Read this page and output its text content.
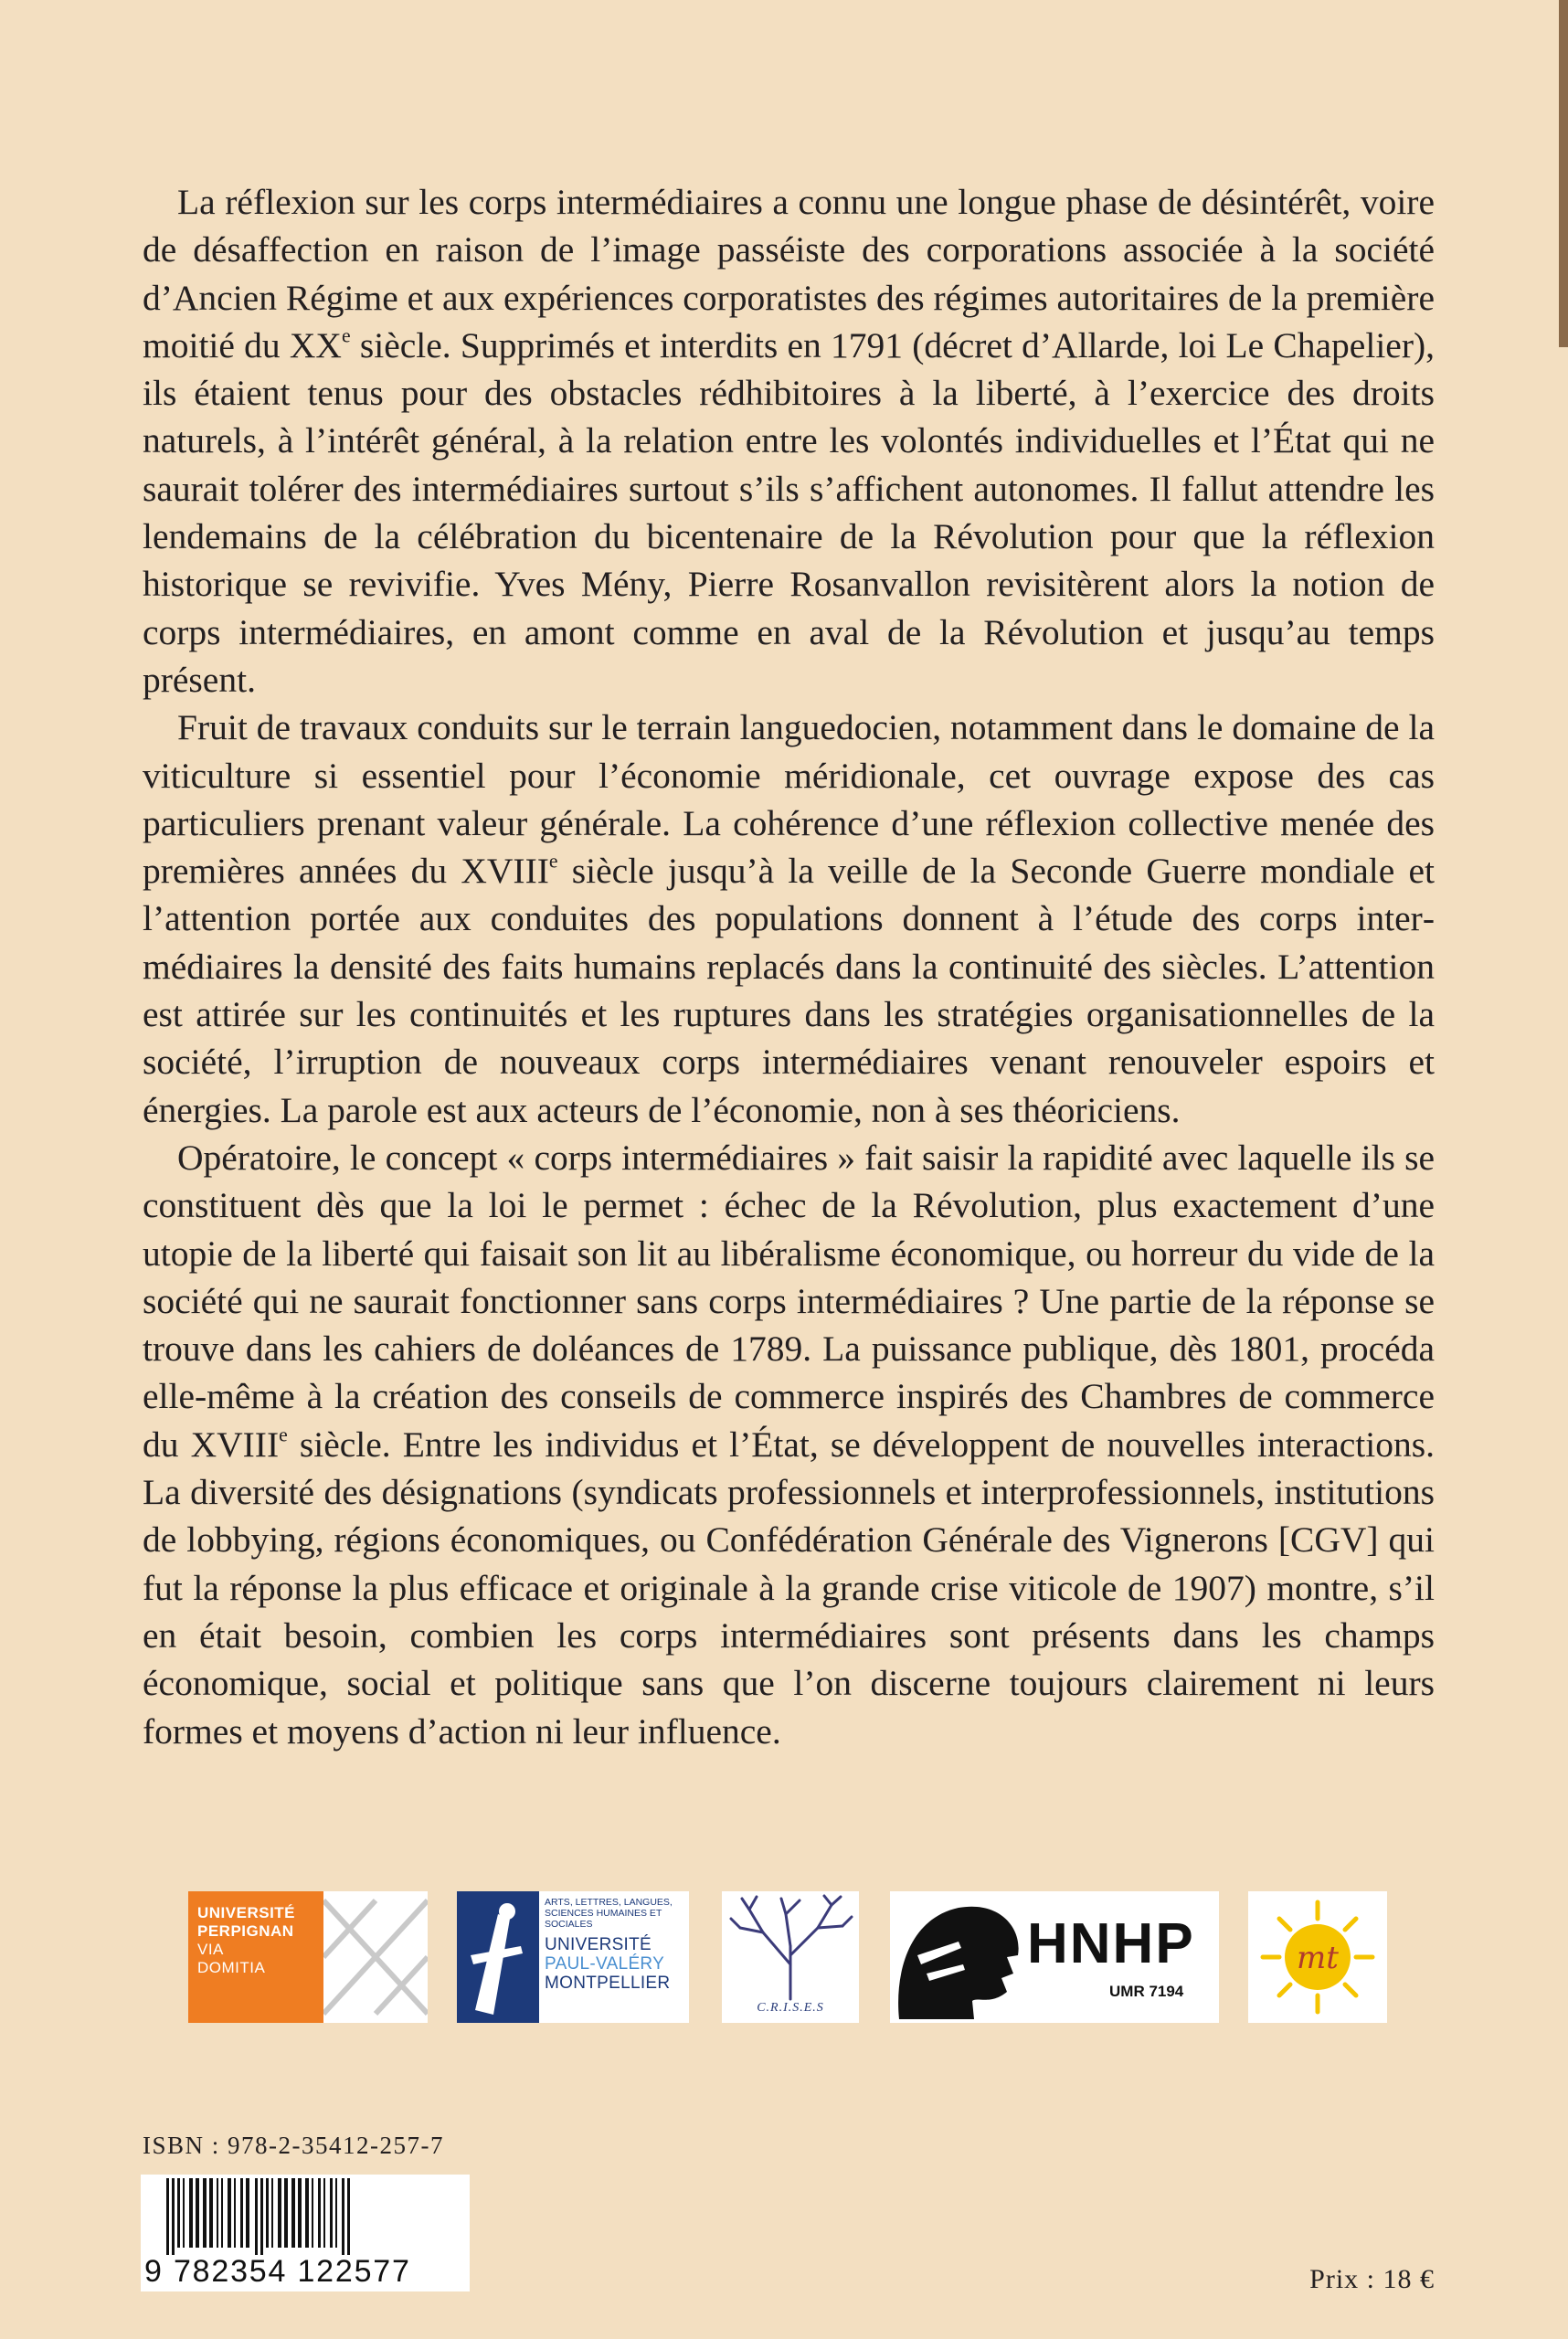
La réflexion sur les corps intermédiaires a connu une longue phase de désintérêt, voire de désaffection en raison de l’image passéiste des corporations associée à la société d’Ancien Régime et aux expériences corporatistes des régimes autoritaires de la première moitié du XXe siècle. Supprimés et interdits en 1791 (décret d’Allarde, loi Le Chapelier), ils étaient tenus pour des obstacles rédhibitoires à la liberté, à l’exercice des droits naturels, à l’intérêt général, à la relation entre les volontés individuelles et l’État qui ne saurait tolérer des intermédiaires surtout s’ils s’affichent autonomes. Il fallut attendre les lendemains de la célébration du bicentenaire de la Révolution pour que la réflexion historique se revivifie. Yves Mény, Pierre Rosanvallon revisitèrent alors la notion de corps intermédiaires, en amont comme en aval de la Révolution et jusqu’au temps présent.

Fruit de travaux conduits sur le terrain languedocien, notamment dans le domaine de la viticulture si essentiel pour l’économie méridionale, cet ouvrage expose des cas particuliers prenant valeur générale. La cohérence d’une réflexion collective menée des premières années du XVIIIe siècle jusqu’à la veille de la Seconde Guerre mondiale et l’attention portée aux conduites des populations donnent à l’étude des corps intermédiaires la densité des faits humains replacés dans la continuité des siècles. L’attention est attirée sur les continuités et les ruptures dans les stratégies organisationnelles de la société, l’irruption de nouveaux corps intermédiaires venant renouveler espoirs et énergies. La parole est aux acteurs de l’économie, non à ses théoriciens.

Opératoire, le concept « corps intermédiaires » fait saisir la rapidité avec laquelle ils se constituent dès que la loi le permet : échec de la Révolution, plus exactement d’une utopie de la liberté qui faisait son lit au libéralisme économique, ou horreur du vide de la société qui ne saurait fonctionner sans corps intermédiaires ? Une partie de la réponse se trouve dans les cahiers de doléances de 1789. La puissance publique, dès 1801, procéda elle-même à la création des conseils de commerce inspirés des Chambres de commerce du XVIIIe siècle. Entre les individus et l’État, se développent de nouvelles interactions. La diversité des désignations (syndicats professionnels et interprofessionnels, institutions de lobbying, régions économiques, ou Confédération Générale des Vignerons [CGV] qui fut la réponse la plus efficace et originale à la grande crise viticole de 1907) montre, s’il en était besoin, combien les corps intermédiaires sont présents dans les champs économique, social et politique sans que l’on discerne toujours clairement ni leurs formes et moyens d’action ni leur influence.

UNIVERSITÉ
PERPIGNAN
VIA
DOMITIA
ARTS, LETTRES, LANGUES,
SCIENCES HUMAINES ET
SOCIALES
UNIVERSITÉ
PAUL-VALÉRY
MONTPELLIER
C.R.I.S.E.S
HNHP
UMR 7194
mt
ISBN : 978-2-35412-257-7
9 782354 122577	Prix : 18 €
